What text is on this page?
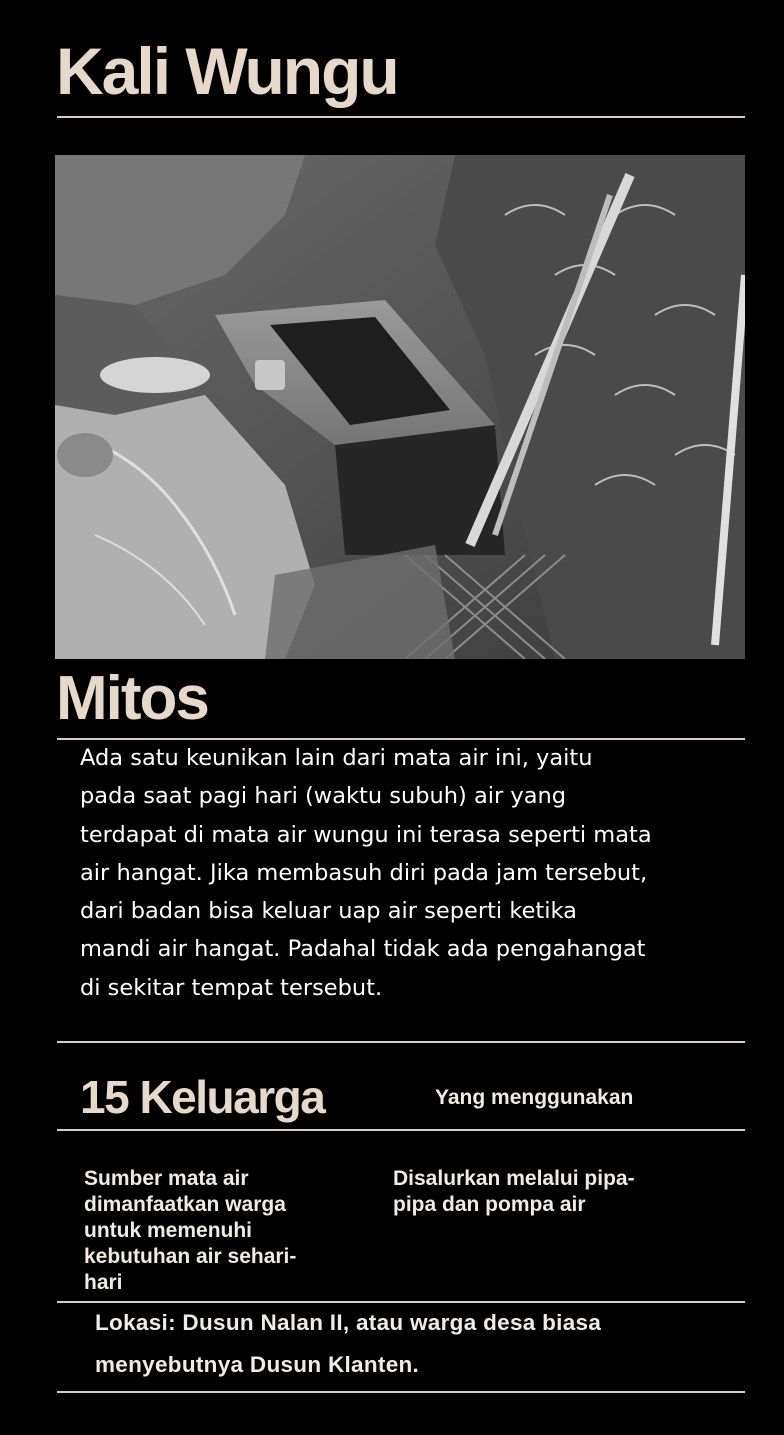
Kali Wungu
Mitos
Ada satu keunikan lain dari mata air ini, yaitu
pada saat pagi hari (waktu subuh) air yang
terdapat di mata air wungu ini terasa seperti mata
air hangat. Jika membasuh diri pada jam tersebut,
dari badan bisa keluar uap air seperti ketika
mandi air hangat. Padahal tidak ada pengahangat
di sekitar tempat tersebut.
15 Keluarga	Yang menggunakan
Sumber mata air
dimanfaatkan warga
untuk memenuhi
kebutuhan air sehari-
hari
Disalurkan melalui pipa-
pipa dan pompa air
Lokasi: Dusun Nalan II, atau warga desa biasa
menyebutnya Dusun Klanten.
